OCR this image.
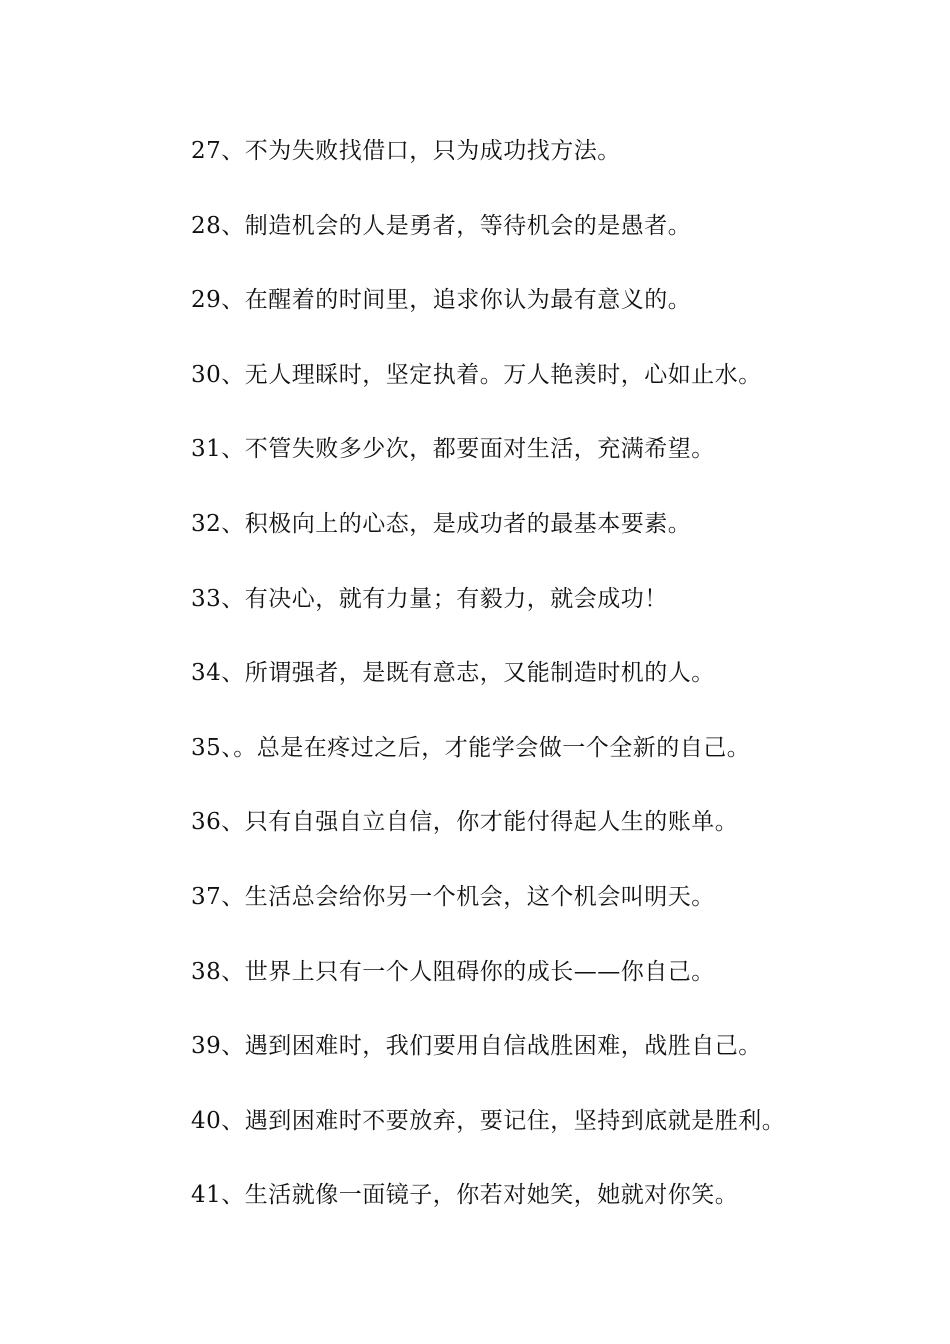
27、不为失败找借口，只为成功找方法。
28、制造机会的人是勇者，等待机会的是愚者。
29、在醒着的时间里，追求你认为最有意义的。
30、无人理睬时，坚定执着。万人艳羡时，心如止水。
31、不管失败多少次，都要面对生活，充满希望。
32、积极向上的心态，是成功者的最基本要素。
33、有决心，就有力量；有毅力，就会成功！
34、所谓强者，是既有意志，又能制造时机的人。
35、。总是在疼过之后，才能学会做一个全新的自己。
36、只有自强自立自信，你才能付得起人生的账单。
37、生活总会给你另一个机会，这个机会叫明天。
38、世界上只有一个人阻碍你的成长——你自己。
39、遇到困难时，我们要用自信战胜困难，战胜自己。
40、遇到困难时不要放弃，要记住，坚持到底就是胜利。
41、生活就像一面镜子，你若对她笑，她就对你笑。
